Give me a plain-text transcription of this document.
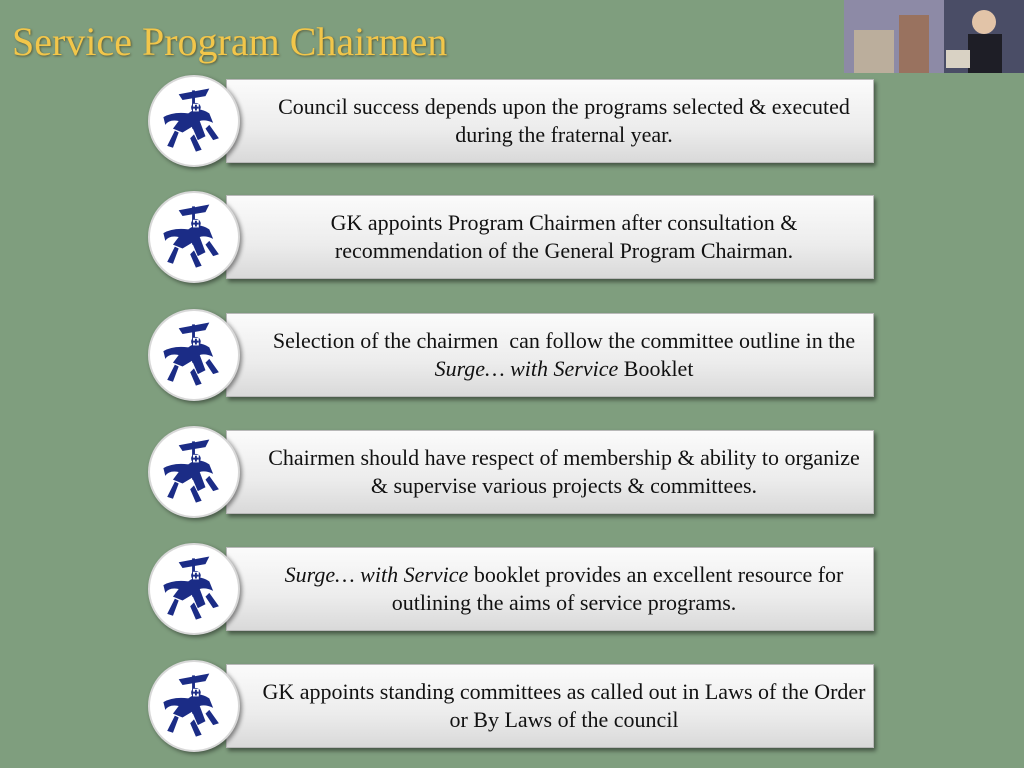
Service Program Chairmen
Council success depends upon the programs selected & executed during the fraternal year.
GK appoints Program Chairmen after consultation & recommendation of the General Program Chairman.
Selection of the chairmen  can follow the committee outline in the Surge… with Service Booklet
Chairmen should have respect of membership & ability to organize & supervise various projects & committees.
Surge… with Service booklet provides an excellent resource for outlining the aims of service programs.
GK appoints standing committees as called out in Laws of the Order or By Laws of the council
